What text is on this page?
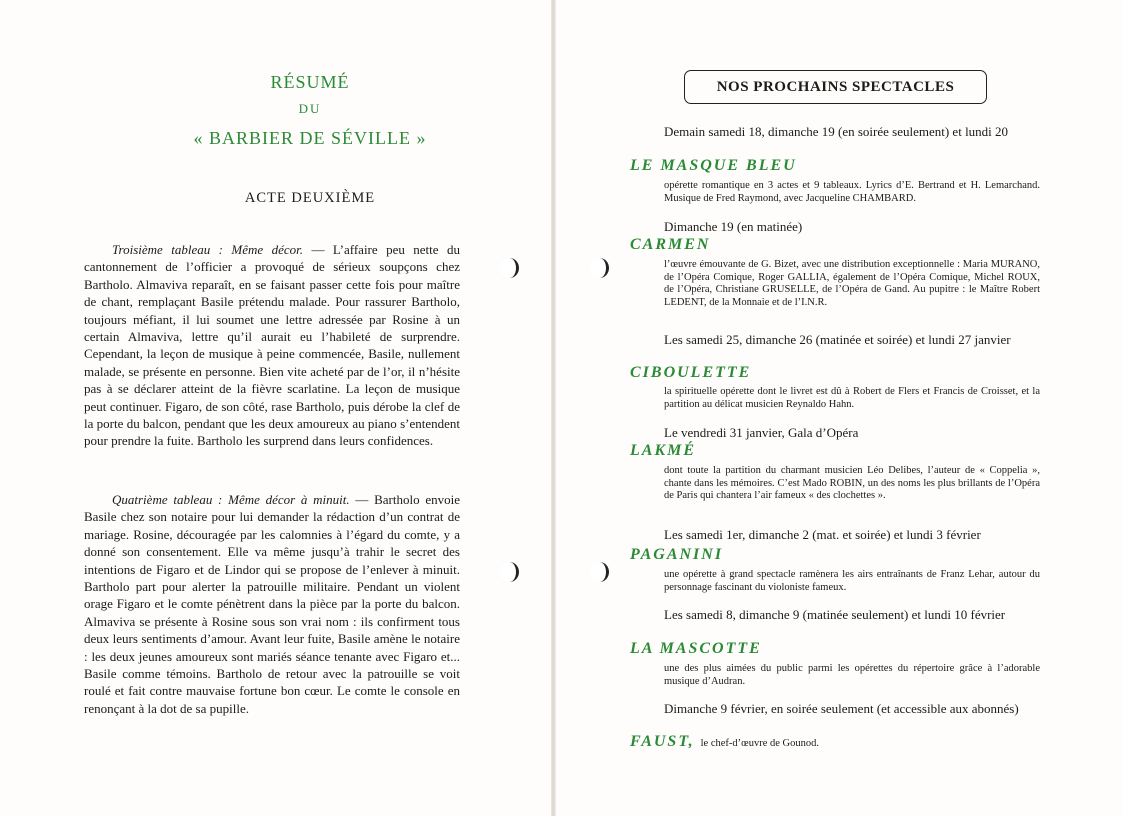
RÉSUMÉ
DU
« BARBIER DE SÉVILLE »
ACTE DEUXIÈME

Troisième tableau : Même décor. — L’affaire peu nette du cantonnement de l’officier a provoqué de sérieux soupçons chez Bartholo. Almaviva reparaît, en se faisant passer cette fois pour maître de chant, remplaçant Basile prétendu malade. Pour rassurer Bartholo, toujours méfiant, il lui soumet une lettre adressée par Rosine à un certain Almaviva, lettre qu’il aurait eu l’habileté de surprendre. Cependant, la leçon de musique à peine commencée, Basile, nullement malade, se présente en personne. Bien vite acheté par de l’or, il n’hésite pas à se déclarer atteint de la fièvre scarlatine. La leçon de musique peut continuer. Figaro, de son côté, rase Bartholo, puis dérobe la clef de la porte du balcon, pendant que les deux amoureux au piano s’entendent pour prendre la fuite. Bartholo les surprend dans leurs confidences.

Quatrième tableau : Même décor à minuit. — Bartholo envoie Basile chez son notaire pour lui demander la rédaction d’un contrat de mariage. Rosine, découragée par les calomnies à l’égard du comte, y a donné son consentement. Elle va même jusqu’à trahir le secret des intentions de Figaro et de Lindor qui se propose de l’enlever à minuit. Bartholo part pour alerter la patrouille militaire. Pendant un violent orage Figaro et le comte pénètrent dans la pièce par la porte du balcon. Almaviva se présente à Rosine sous son vrai nom : ils confirment tous deux leurs sentiments d’amour. Avant leur fuite, Basile amène le notaire : les deux jeunes amoureux sont mariés séance tenante avec Figaro et... Basile comme témoins. Bartholo de retour avec la patrouille se voit roulé et fait contre mauvaise fortune bon cœur. Le comte le console en renonçant à la dot de sa pupille.

NOS PROCHAINS SPECTACLES

Demain samedi 18, dimanche 19 (en soirée seulement) et lundi 20

LE MASQUE BLEU

opérette romantique en 3 actes et 9 tableaux. Lyrics d’E. Bertrand et H. Lemarchand. Musique de Fred Raymond, avec Jacqueline CHAMBARD.

Dimanche 19 (en matinée)

CARMEN

l’œuvre émouvante de G. Bizet, avec une distribution exceptionnelle : Maria MURANO, de l’Opéra Comique, Roger GALLIA, également de l’Opéra Comique, Michel ROUX, de l’Opéra, Christiane GRUSELLE, de l’Opéra de Gand. Au pupitre : le Maître Robert LEDENT, de la Monnaie et de l’I.N.R.

Les samedi 25, dimanche 26 (matinée et soirée) et lundi 27 janvier

CIBOULETTE

la spirituelle opérette dont le livret est dû à Robert de Flers et Francis de Croisset, et la partition au délicat musicien Reynaldo Hahn.

Le vendredi 31 janvier, Gala d’Opéra

LAKMÉ

dont toute la partition du charmant musicien Léo Delibes, l’auteur de « Coppelia », chante dans les mémoires. C’est Mado ROBIN, un des noms les plus brillants de l’Opéra de Paris qui chantera l’air fameux « des clochettes ».

Les samedi 1er, dimanche 2 (mat. et soirée) et lundi 3 février

PAGANINI

une opérette à grand spectacle ramènera les airs entraînants de Franz Lehar, autour du personnage fascinant du violoniste fameux.

Les samedi 8, dimanche 9 (matinée seulement) et lundi 10 février

LA MASCOTTE

une des plus aimées du public parmi les opérettes du répertoire grâce à l’adorable musique d’Audran.

Dimanche 9 février, en soirée seulement (et accessible aux abonnés)

FAUST, le chef-d’œuvre de Gounod.
